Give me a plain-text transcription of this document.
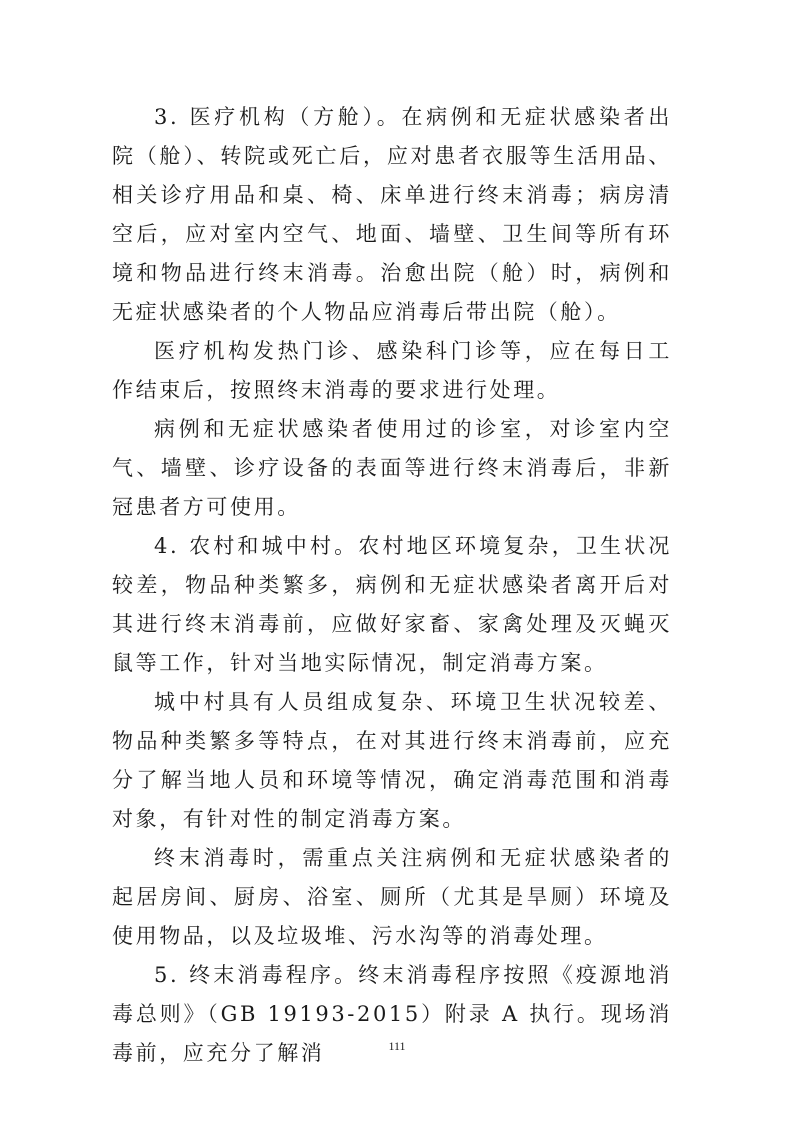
3. 医疗机构（方舱）。在病例和无症状感染者出院（舱）、转院或死亡后，应对患者衣服等生活用品、相关诊疗用品和桌、椅、床单进行终末消毒；病房清空后，应对室内空气、地面、墙壁、卫生间等所有环境和物品进行终末消毒。治愈出院（舱）时，病例和无症状感染者的个人物品应消毒后带出院（舱）。

医疗机构发热门诊、感染科门诊等，应在每日工作结束后，按照终末消毒的要求进行处理。

病例和无症状感染者使用过的诊室，对诊室内空气、墙壁、诊疗设备的表面等进行终末消毒后，非新冠患者方可使用。

4. 农村和城中村。农村地区环境复杂，卫生状况较差，物品种类繁多，病例和无症状感染者离开后对其进行终末消毒前，应做好家畜、家禽处理及灭蝇灭鼠等工作，针对当地实际情况，制定消毒方案。

城中村具有人员组成复杂、环境卫生状况较差、物品种类繁多等特点，在对其进行终末消毒前，应充分了解当地人员和环境等情况，确定消毒范围和消毒对象，有针对性的制定消毒方案。

终末消毒时，需重点关注病例和无症状感染者的起居房间、厨房、浴室、厕所（尤其是旱厕）环境及使用物品，以及垃圾堆、污水沟等的消毒处理。

5. 终末消毒程序。终末消毒程序按照《疫源地消毒总则》（GB 19193-2015）附录 A 执行。现场消毒前，应充分了解消	111
